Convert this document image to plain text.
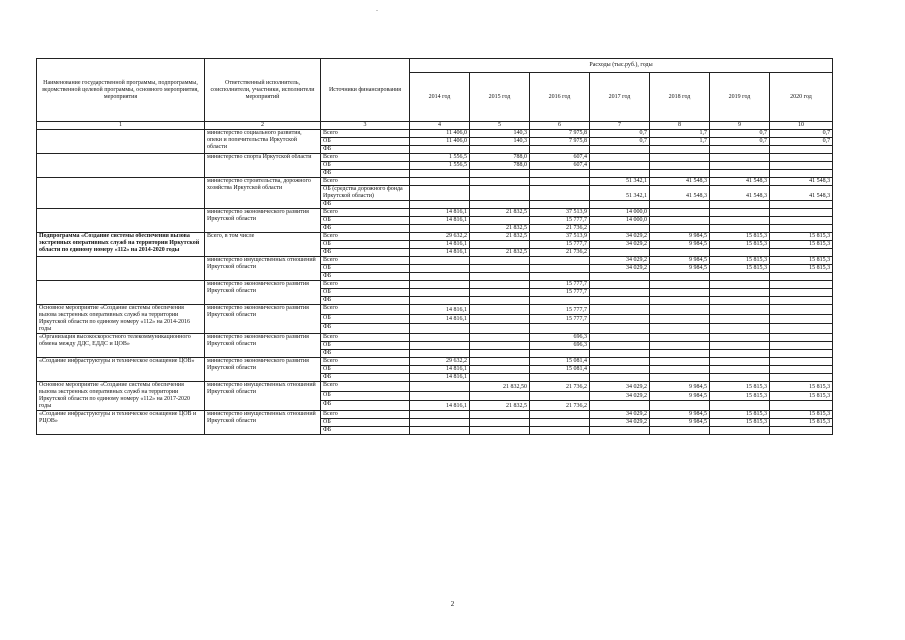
-
Наименование государственной программы, подпрограммы, ведомственной целевой программы, основного мероприятия, мероприятия	Ответственный исполнитель, соисполнители, участники, исполнители мероприятий	Источники финансирования	Расходы (тыс.руб.), годы						
			2014 год	2015 год	2016 год	2017 год	2018 год	2019 год	2020 год
1	2	3	4	5	6	7	8	9	10
	министерство социального развития, опеки и попечительства Иркутской области	Всего	11 406,0	140,3	7 975,8	0,7	1,7	0,7	0,7
		ОБ	11 406,0	140,3	7 975,8	0,7	1,7	0,7	0,7
		ФБ							
	министерство спорта Иркутской области	Всего	1 556,5	788,0	607,4				
		ОБ	1 556,5	788,0	607,4				
		ФБ							
	министерство строительства, дорожного хозяйства Иркутской области	Всего				51 342,1	41 548,3	41 548,3	41 548,3
		ОБ (средства дорожного фонда Иркутской области)				51 342,1	41 548,3	41 548,3	41 548,3
		ФБ							
	министерство экономического развития Иркутской области	Всего	14 816,1	21 832,5	37 513,9	14 000,0			
		ОБ	14 816,1		15 777,7	14 000,0			
		ФБ		21 832,5	21 736,2				
Подпрограмма «Создание системы обеспечения вызова экстренных оперативных служб на территории Иркутской области по единому номеру «112» на 2014-2020 годы	Всего, в том числе	Всего	29 632,2	21 832,5	37 513,9	34 029,2	9 984,5	15 815,3	15 815,3
		ОБ	14 816,1		15 777,7	34 029,2	9 984,5	15 815,3	15 815,3
		ФБ	14 816,1	21 832,5	21 736,2				
	министерство имущественных отношений Иркутской области	Всего				34 029,2	9 984,5	15 815,3	15 815,3
		ОБ				34 029,2	9 984,5	15 815,3	15 815,3
		ФБ							
	министерство экономического развития Иркутской области	Всего			15 777,7				
		ОБ			15 777,7				
		ФБ							
Основное мероприятие «Создание системы обеспечения вызова экстренных оперативных служб на территории Иркутской области по единому номеру «112» на 2014-2016 годы	министерство экономического развития Иркутской области	Всего	14 816,1		15 777,7				
		ОБ	14 816,1		15 777,7				
		ФБ							
«Организация высокоскоростного телекоммуникационного обмена между ДДС, ЕДДС и ЦОВ»	министерство экономического развития Иркутской области	Всего			696,3				
		ОБ			696,3				
		ФБ							
«Создание инфраструктуры и техническое оснащение ЦОВ»	министерство экономического развития Иркутской области	Всего	29 632,2		15 081,4				
		ОБ	14 816,1		15 081,4				
		ФБ	14 816,1						
Основное мероприятие «Создание системы обеспечения вызова экстренных оперативных служб на территории Иркутской области по единому номеру «112» на 2017-2020 годы	министерство имущественных отношений Иркутской области	Всего		21 832,50	21 736,2	34 029,2	9 984,5	15 815,3	15 815,3
		ОБ				34 029,2	9 984,5	15 815,3	15 815,3
		ФБ	14 816,1	21 832,5	21 736,2				
«Создание инфраструктуры и техническое оснащение ЦОВ и РЦОВ»	министерство имущественных отношений Иркутской области	Всего				34 029,2	9 984,5	15 815,3	15 815,3
		ОБ				34 029,2	9 984,5	15 815,3	15 815,3
		ФБ							
2
